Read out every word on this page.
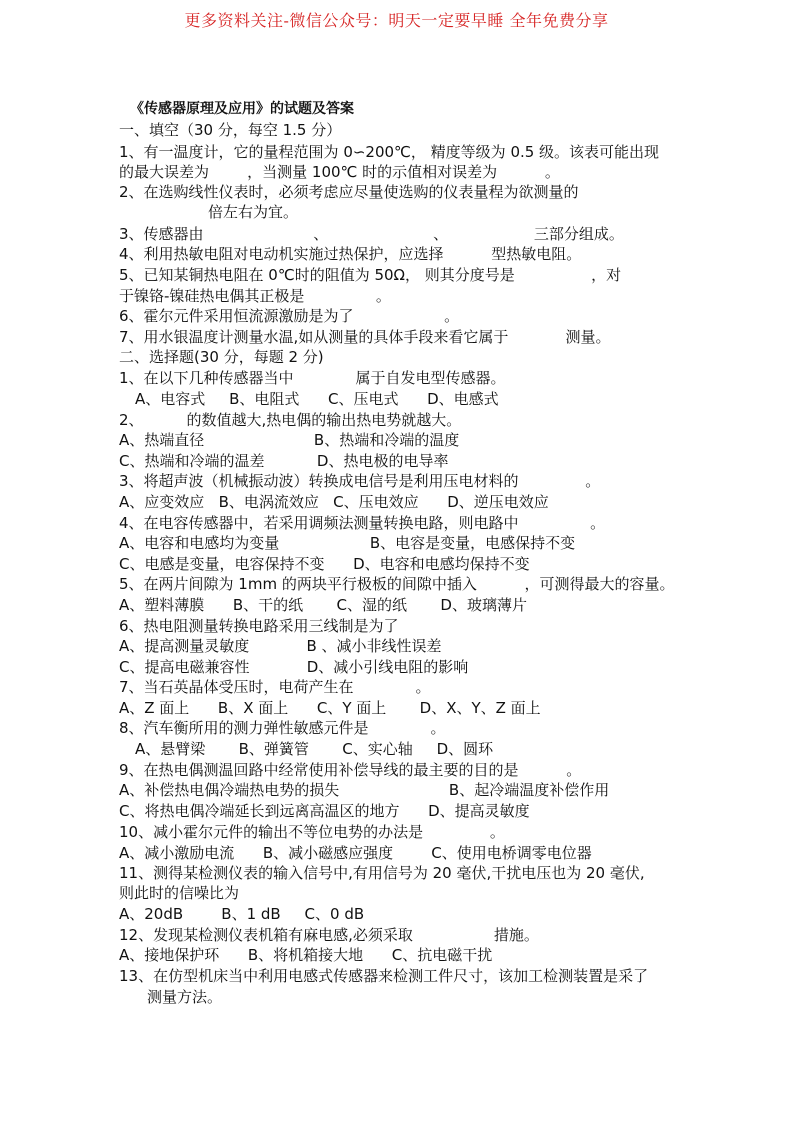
更多资料关注-微信公众号：明天一定要早睡 全年免费分享
《传感器原理及应用》的试题及答案
一、填空（30 分，每空 1.5 分）
1、有一温度计，它的量程范围为 0∽200℃， 精度等级为 0.5 级。该表可能出现
的最大误差为        ，当测量 100℃ 时的示值相对误差为          。
2、在选购线性仪表时，必须考虑应尽量使选购的仪表量程为欲测量的
倍左右为宜。
3、传感器由                       、                      、                  三部分组成。
4、利用热敏电阻对电动机实施过热保护，应选择          型热敏电阻。
5、已知某铜热电阻在 0℃时的阻值为 50Ω， 则其分度号是                ，对
于镍铬-镍硅热电偶其正极是               。
6、霍尔元件采用恒流源激励是为了                   。
7、用水银温度计测量水温,如从测量的具体手段来看它属于            测量。
二、选择题(30 分，每题 2 分)
1、在以下几种传感器当中             属于自发电型传感器。
A、电容式     B、电阻式      C、压电式      D、电感式
2、         的数值越大,热电偶的输出热电势就越大。
A、热端直径                       B、热端和冷端的温度
C、热端和冷端的温差           D、热电极的电导率
3、将超声波（机械振动波）转换成电信号是利用压电材料的              。
A、应变效应   B、电涡流效应   C、压电效应      D、逆压电效应
4、在电容传感器中，若采用调频法测量转换电路，则电路中               。
A、电容和电感均为变量                   B、电容是变量，电感保持不变
C、电感是变量，电容保持不变      D、电容和电感均保持不变
5、在两片间隙为 1mm 的两块平行极板的间隙中插入          ，可测得最大的容量。
A、塑料薄膜      B、干的纸       C、湿的纸       D、玻璃薄片
6、热电阻测量转换电路采用三线制是为了
A、提高测量灵敏度            B 、减小非线性误差
C、提高电磁兼容性            D、减小引线电阻的影响
7、当石英晶体受压时，电荷产生在             。
A、Z 面上      B、X 面上      C、Y 面上       D、X、Y、Z 面上
8、汽车衡所用的测力弹性敏感元件是             。
A、悬臂梁       B、弹簧管       C、实心轴     D、圆环
9、在热电偶测温回路中经常使用补偿导线的最主要的目的是          。
A、补偿热电偶冷端热电势的损失                       B、起冷端温度补偿作用
C、将热电偶冷端延长到远离高温区的地方      D、提高灵敏度
10、减小霍尔元件的输出不等位电势的办法是              。
A、减小激励电流      B、减小磁感应强度        C、使用电桥调零电位器
11、测得某检测仪表的输入信号中,有用信号为 20 毫伏,干扰电压也为 20 毫伏,
则此时的信噪比为
A、20dB        B、1 dB     C、0 dB
12、发现某检测仪表机箱有麻电感,必须采取                 措施。
A、接地保护环      B、将机箱接大地      C、抗电磁干扰
13、在仿型机床当中利用电感式传感器来检测工件尺寸，该加工检测装置是采了
测量方法。
